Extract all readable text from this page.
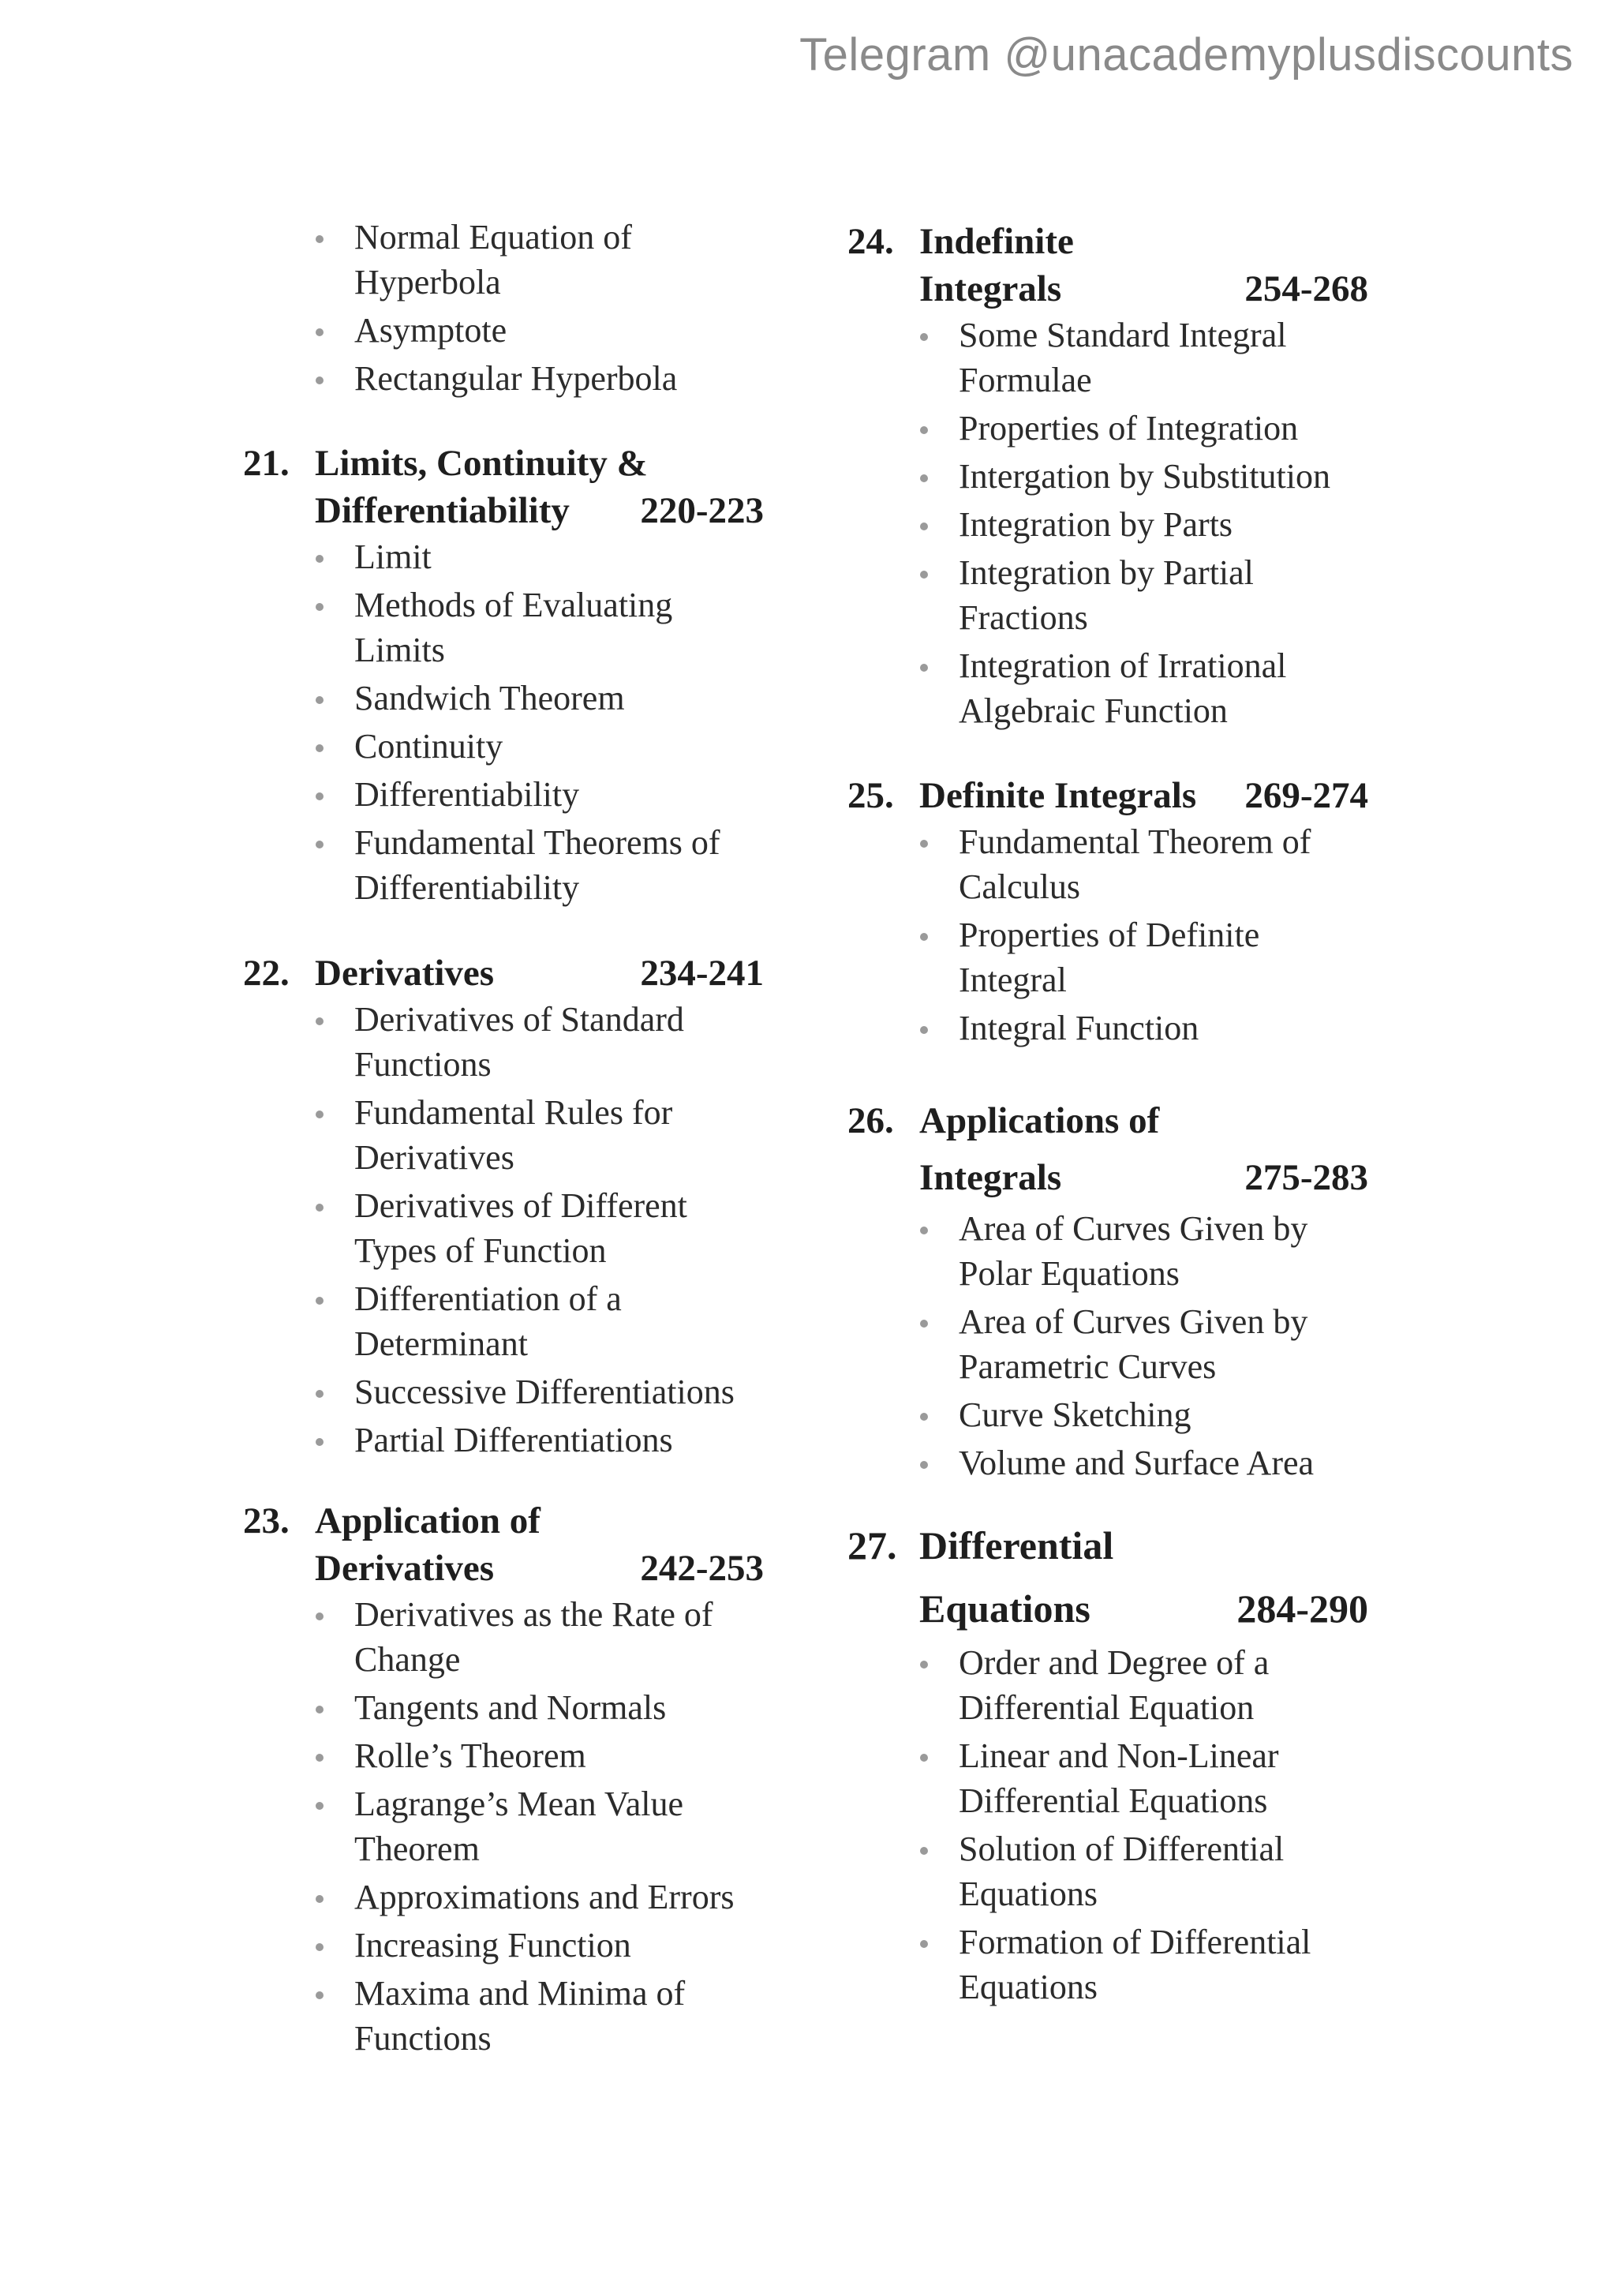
Telegram @unacademyplusdiscounts
Normal Equation of Hyperbola
Asymptote
Rectangular Hyperbola
21. Limits, Continuity & Differentiability	220-223
Limit
Methods of Evaluating Limits
Sandwich Theorem
Continuity
Differentiability
Fundamental Theorems of Differentiability
22. Derivatives	234-241
Derivatives of Standard Functions
Fundamental Rules for Derivatives
Derivatives of Different Types of Function
Differentiation of a Determinant
Successive Differentiations
Partial Differentiations
23. Application of Derivatives	242-253
Derivatives as the Rate of Change
Tangents and Normals
Rolle’s Theorem
Lagrange’s Mean Value Theorem
Approximations and Errors
Increasing Function
Maxima and Minima of Functions
24. Indefinite Integrals	254-268
Some Standard Integral Formulae
Properties of Integration
Intergation by Substitution
Integration by Parts
Integration by Partial Fractions
Integration of Irrational Algebraic Function
25. Definite Integrals	269-274
Fundamental Theorem of Calculus
Properties of Definite Integral
Integral Function
26. Applications of Integrals	275-283
Area of Curves Given by Polar Equations
Area of Curves Given by Parametric Curves
Curve Sketching
Volume and Surface Area
27. Differential Equations	284-290
Order and Degree of a Differential Equation
Linear and Non-Linear Differential Equations
Solution of Differential Equations
Formation of Differential Equations
